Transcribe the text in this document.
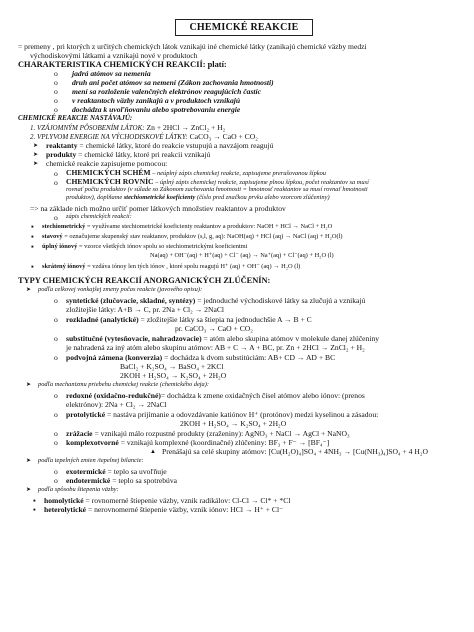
CHEMICKÉ REAKCIE
= premeny , pri ktorých z určitých chemických látok vznikajú iné chemické látky (zanikajú chemické väzby medzi
východiskovými látkami a vznikajú nové v produktoch
CHARAKTERISTIKA CHEMICKÝCH REAKCIÍ: platí:
o jadrá atómov sa nemenia
o druh ani počet atómov sa nemení (Zákon zachovania hmotnosti)
o mení sa rozloženie valenčných elektrónov reagujúcich častíc
o v reaktantoch väzby zanikajú a v produktoch vznikajú
o dochádza k uvoľňovaniu alebo spotrebovaniu energie
CHEMICKÉ REAKCIE NASTÁVAJÚ:
1. VZÁJOMNÝM PÔSOBENÍM LÁTOK: Zn + 2HCl → ZnCl₂ + H₂
2. VPLYVOM ENERGIE NA VÝCHODISKOVÉ LÁTKY: CaCO₃ → CaO + CO₂
➤ reaktanty = chemické látky, ktoré do reakcie vstupujú a navzájom reagujú
➤ produkty = chemické látky, ktoré pri reakcii vznikajú
➤ chemické reakcie zapisujeme pomocou:
o CHEMICKÝCH SCHÉM – neúplný zápis chemickej reakcie, zapisujeme prerušovanou šípkou
o CHEMICKÝCH ROVNÍC – úplný zápis chemickej reakcie, zapisujeme plnou šípkou, počet reaktantov sa musí
rovnať počtu produktov (v súlade so Zákonom zachovania hmotnosti = hmotnosť reaktantov sa musí rovnať hmotnosti
produktov), doplňame stechiometrické koeficienty (číslo pred značkou prvku alebo vzorcom zlúčeniny)
=> na základe nich možno určiť pomer látkových množstiev reaktantov a produktov
o zápis chemických reakcií:
▪ stechiometrický = využívame stechiometrické koeficienty reaktantov a produktov: NaOH + HCl → NaCl + H₂O
▪ stavový = označujeme skupenský stav reaktanov, produktov (s,l, g, aq): NaOH(aq) + HCl (aq) → NaCl (aq) + H₂O(l)
▪ úplný iónový = vzorce všetkých iónov spolu so stechiometrickými koeficientmi
Na(aq) + OH⁻(aq) + H⁺(aq) + Cl⁻ (aq) → Na⁺(aq) + Cl⁻(aq) + H₂O (l)
▪ skrátený iónový = vzdáva iónoy len tých iónov , ktoré spolu reagujú H⁺ (aq) + OH⁻ (aq) → H₂O (l)
TYPY CHEMICKÝCH REAKCIÍ ANORGANICKÝCH ZLÚČENÍN:
➤ podľa celkovej vonkajšej zmeny počas reakcie (javového opisu):
o syntetické (zlučovacie, skladné, syntézy) = jednoduché východiskové látky sa zlučujú a vznikajú
zložitejšie látky: A+B → C, pr. 2Na + Cl₂ → 2NaCl
o rozkladné (analytické) = zložitejšie látky sa štiepia na jednoduchšie A → B + C
pr. CaCO₃ → CaO + CO₂
o substitučné (vytesňovacie, nahradzovacie) = atóm alebo skupina atómov v molekule danej zlúčeniny
je nahradená za iný atóm alebo skupinu atómov: AB + C → A + BC, pr. Zn + 2HCl → ZnCl₂ + H₂
o podvojná zámena (konverzia) = dochádza k dvom substitúciám: AB+ CD → AD + BC
BaCl₂ + K₂SO₄ → BaSO₄ + 2KCl
2KOH + H₂SO₄ → K₂SO₄ + 2H₂O
➤ podľa mechanizmu priebehu chemickej reakcie (chemického deja):
o redoxné (oxidačno-redukčné)= dochádza k zmene oxidačných čísel atómov alebo iónov: (prenos
elektrónov): 2Na + Cl₂ → 2NaCl
o protolytické = nastáva prijímanie a odovzdávanie katiónov H⁺ (protónov) medzi kyselinou a zásadou:
2KOH + H₂SO₄ → K₂SO₄ + 2H₂O
o zrážacie = vznikajú málo rozpustné produkty (zraženiny): AgNO₃ + NaCl → AgCl + NaNO₃
o komplexotvorné = vznikajú komplexné (koordinačné) zlúčeniny: BF₃ + F⁻ → [BF₄⁻]
▲ Prenášajú sa celé skupiny atómov: [Cu(H₂O)₄]SO₄ + 4NH₃ → [Cu(NH₃)₄]SO₄ + 4 H₂O
➤ podľa tepelných zmien /tepelnej bilancie:
o exotermické = teplo sa uvoľňuje
o endotermické = teplo sa spotrebúva
➤ podľa spôsobu štiepenia väzby:
▪ homolytické = rovnomerné štiepenie väzby, vznik radikálov: Cl-Cl → Cl* + *Cl
▪ heterolytické = nerovnomerné štiepenie väzby, vznik iónov: HCl → H⁺ + Cl⁻
